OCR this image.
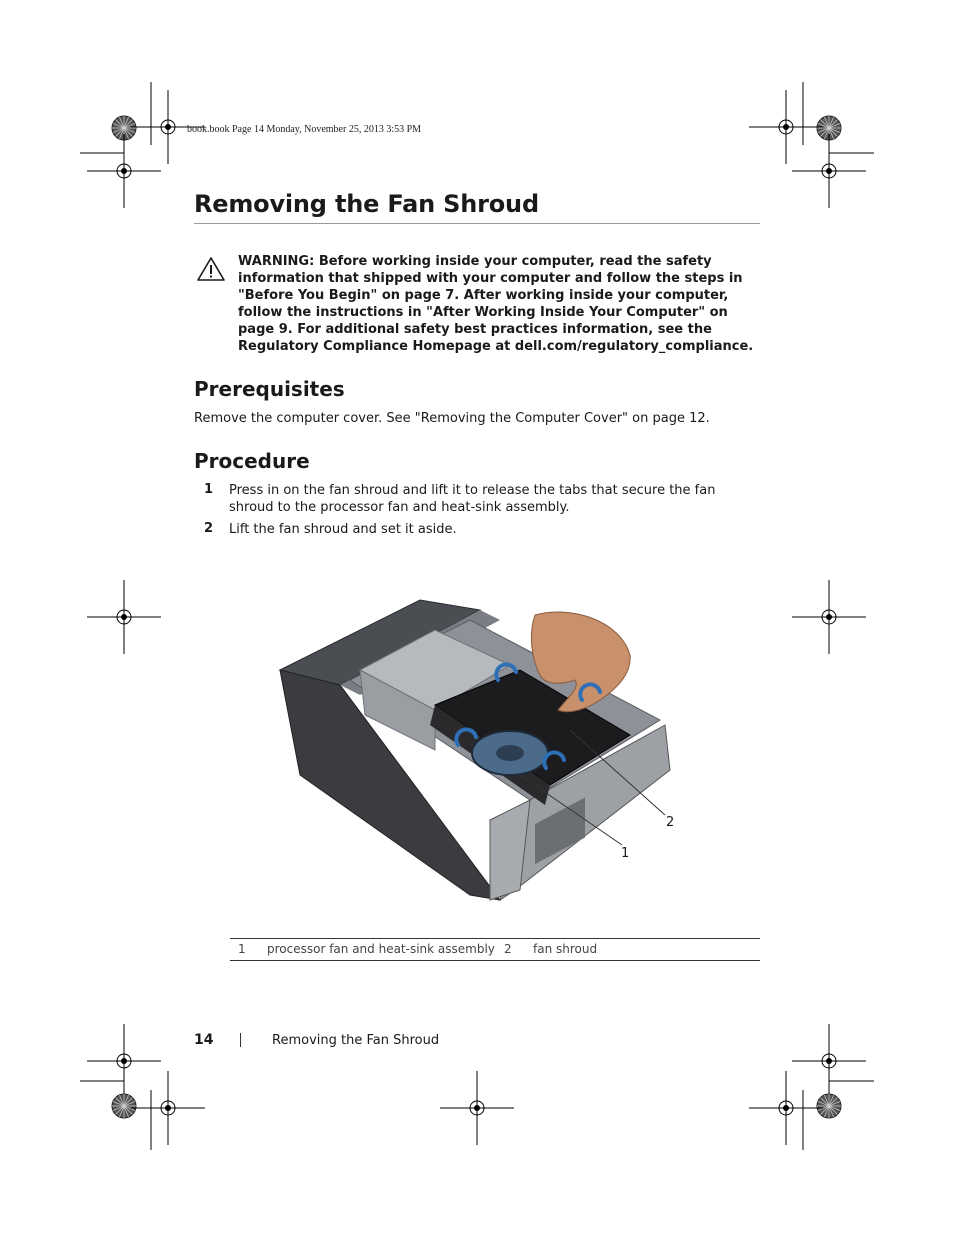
book.book Page 14 Monday, November 25, 2013 3:53 PM
Removing the Fan Shroud
WARNING: Before working inside your computer, read the safety information that shipped with your computer and follow the steps in "Before You Begin" on page 7. After working inside your computer, follow the instructions in "After Working Inside Your Computer" on page 9. For additional safety best practices information, see the Regulatory Compliance Homepage at dell.com/regulatory_compliance.
Prerequisites
Remove the computer cover. See "Removing the Computer Cover" on page 12.
Procedure
1 Press in on the fan shroud and lift it to release the tabs that secure the fan shroud to the processor fan and heat-sink assembly.
2 Lift the fan shroud and set it aside.
1
2
1 processor fan and heat-sink assembly 2 fan shroud
14	Removing the Fan Shroud
